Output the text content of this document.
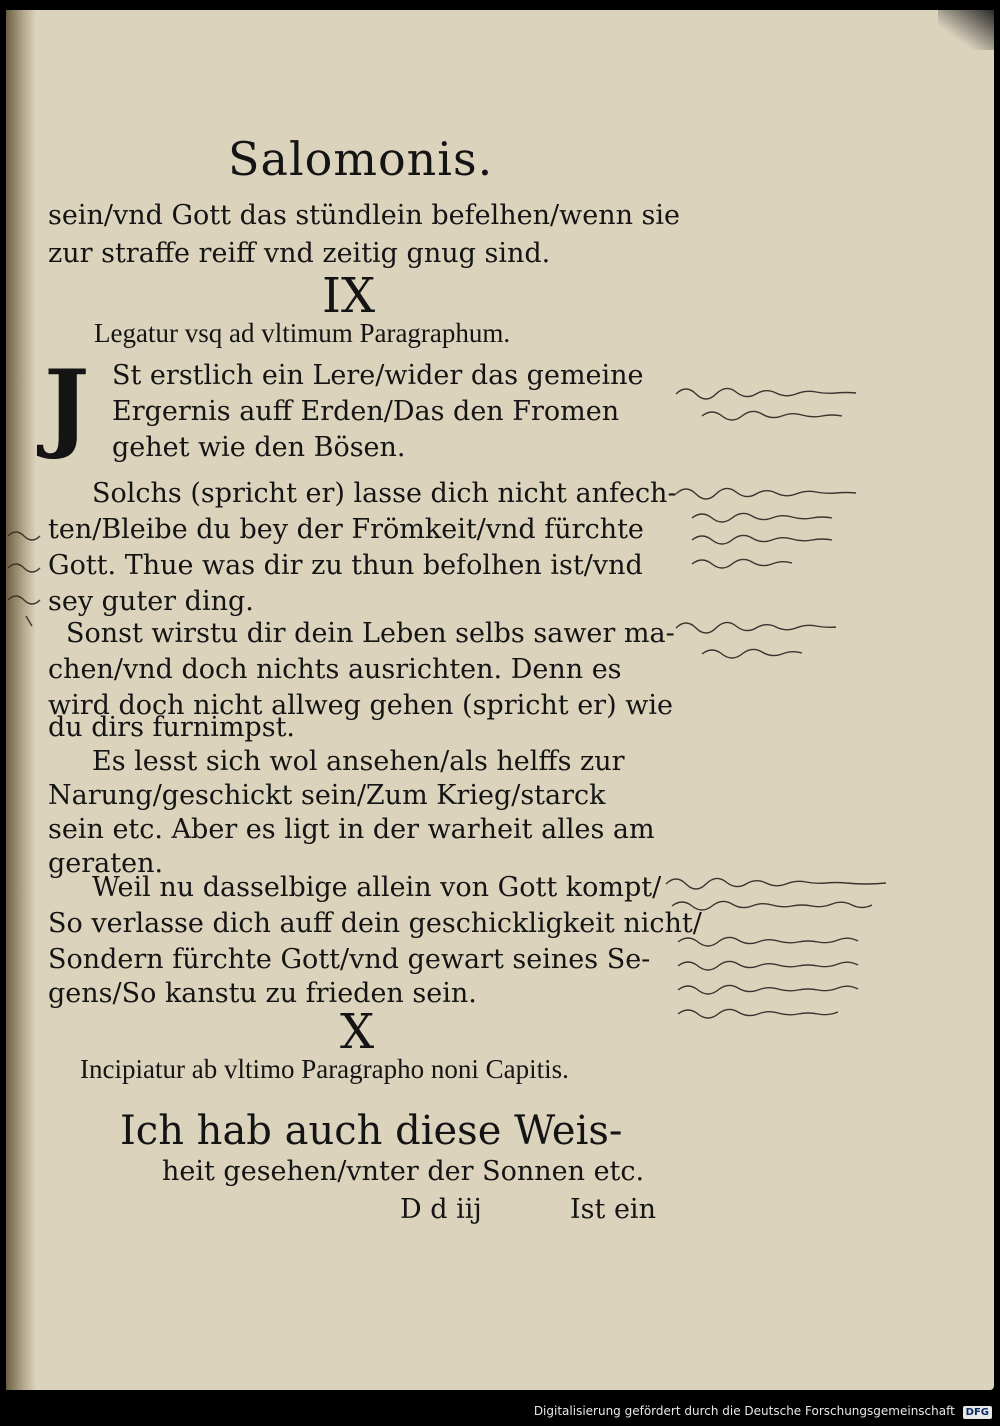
Salomonis.
sein/vnd Gott das stündlein befelhen/wenn sie
zur straffe reiff vnd zeitig gnug sind.
IX
Legatur vsq ad vltimum Paragraphum.
J St erstlich ein Lere/wider das gemeine
Ergernis auff Erden/Das den Fromen
gehet wie den Bösen.
Solchs (spricht er) lasse dich nicht anfech-
ten/Bleibe du bey der Frömkeit/vnd fürchte
Gott. Thue was dir zu thun befolhen ist/vnd
sey guter ding.
Sonst wirstu dir dein Leben selbs sawer ma-
chen/vnd doch nichts ausrichten. Denn es
wird doch nicht allweg gehen (spricht er) wie
du dirs furnimpst.
Es lesst sich wol ansehen/als helffs zur
Narung/geschickt sein/Zum Krieg/starck
sein etc. Aber es ligt in der warheit alles am
geraten.
Weil nu dasselbige allein von Gott kompt/
So verlasse dich auff dein geschickligkeit nicht/
Sondern fürchte Gott/vnd gewart seines Se-
gens/So kanstu zu frieden sein.
X
Incipiatur ab vltimo Paragrapho noni Capitis.
Ich hab auch diese Weis-
heit gesehen/vnter der Sonnen etc.
D d iij	Ist ein
Digitalisierung gefördert durch die Deutsche Forschungsgemeinschaft DFG
